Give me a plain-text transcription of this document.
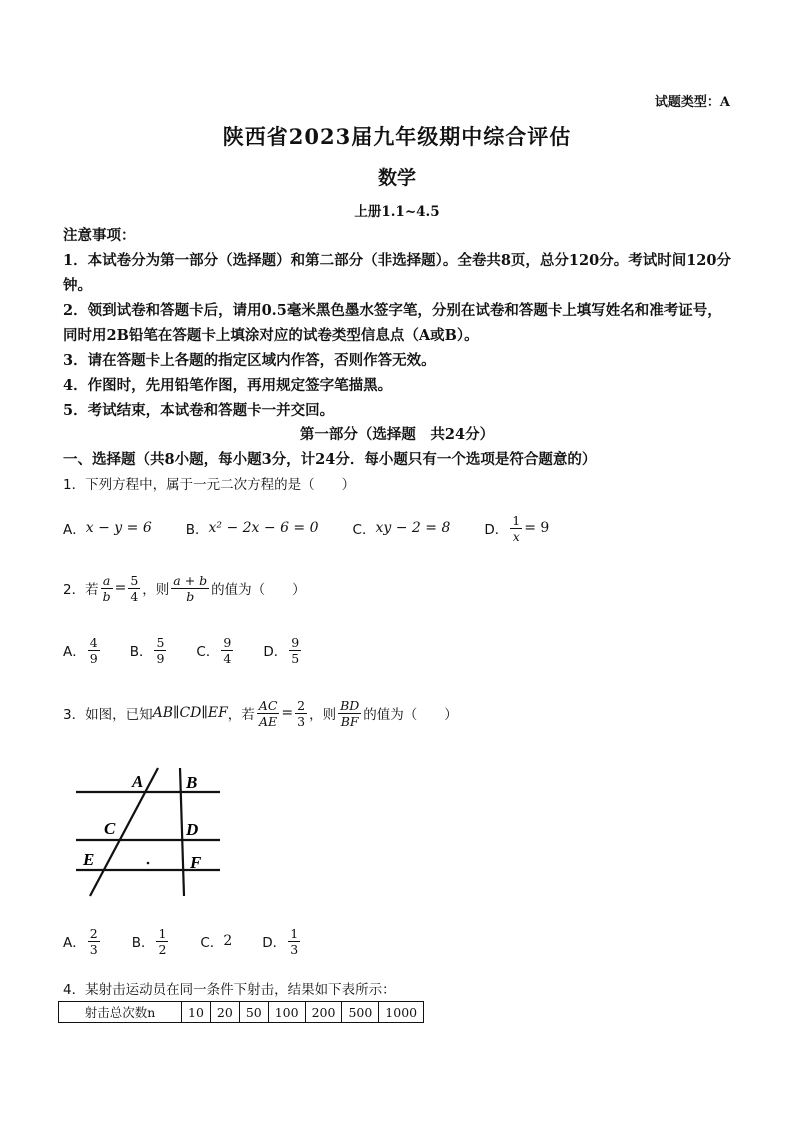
试题类型：A
陕西省2023届九年级期中综合评估
数学
上册1.1~4.5

注意事项：

1．本试卷分为第一部分（选择题）和第二部分（非选择题）。全卷共8页，总分120分。考试时间120分钟。

2．领到试卷和答题卡后，请用0.5毫米黑色墨水签字笔，分别在试卷和答题卡上填写姓名和准考证号，同时用2B铅笔在答题卡上填涂对应的试卷类型信息点（A或B）。

3．请在答题卡上各题的指定区域内作答，否则作答无效。

4．作图时，先用铅笔作图，再用规定签字笔描黑。

5．考试结束，本试卷和答题卡一并交回。

第一部分（选择题　共24分）
一、选择题（共8小题，每小题3分，计24分．每小题只有一个选项是符合题意的）
1．下列方程中，属于一元二次方程的是（　　）
A． x − y = 6	B． x² − 2x − 6 = 0	C． xy − 2 = 8	D． $\frac{1}{x} = 9$
2．若 $\frac{a}{b} = \frac{5}{4}$ ，则 $\frac{a + b}{b}$ 的值为（　　）
A． $\frac{4}{9}$ B． $\frac{5}{9}$ C． $\frac{9}{4}$ D． $\frac{9}{5}$
3．如图，已知 AB∥CD∥EF ，若 $\frac{AC}{AE} = \frac{2}{3}$ ，则 $\frac{BD}{BF}$ 的值为（　　）
A	B
C	D
E	F
A． $\frac{2}{3}$ B． $\frac{1}{2}$ C． 2 D． $\frac{1}{3}$
4．某射击运动员在同一条件下射击，结果如下表所示：
射击总次数n	10	20	50	100	200	500	1000
